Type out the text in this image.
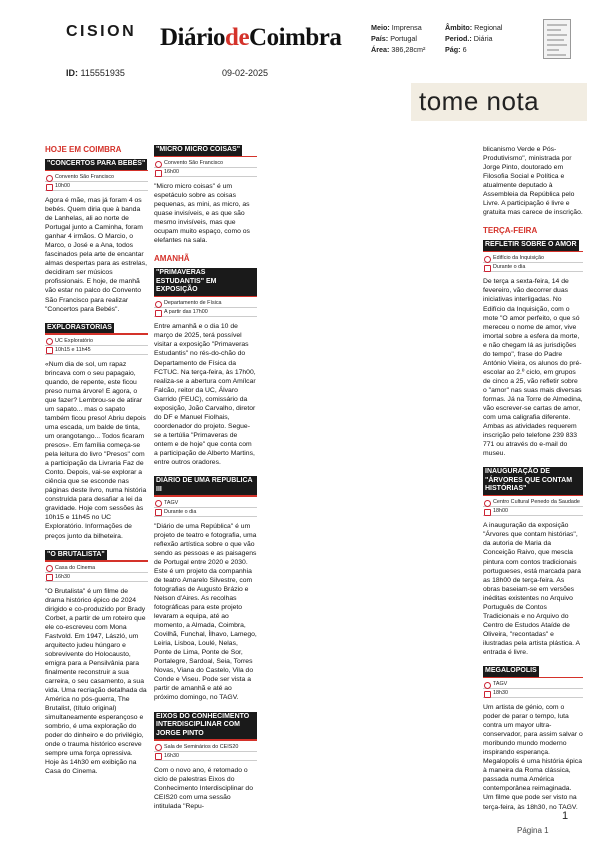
CISION DiáriodeCoimbra	Meio: Imprensa
País: Portugal
Área: 386,28cm²
Âmbito: Regional
Period.: Diária
Pág: 6
ID: 115551935	09-02-2025
tome nota
HOJE EM COIMBRA
"CONCERTOS PARA BEBÉS"
Convento São Francisco
10h00
Agora é mãe, mas já foram 4 os bebés. Quem diria que à banda de Lanhelas, ali ao norte de Portugal junto a Caminha, foram ganhar 4 irmãos. O Marcio, o Marco, o José e a Ana, todos fascinados pela arte de encantar almas despertas para as estrelas, decidiram ser músicos profissionais. E hoje, de manhã vão estar no palco do Convento São Francisco para realizar "Concertos para Bebés".
EXPLORASTÓRIAS
UC Exploratório
10h15 e 11h45
«Num dia de sol, um rapaz brincava com o seu papagaio, quando, de repente, este ficou preso numa árvore! E agora, o que fazer? Lembrou-se de atirar um sapato... mas o sapato também ficou preso! Abriu depois uma escada, um balde de tinta, um orangotango... Todos ficaram presos». Em família começa-se pela leitura do livro "Presos" com a participação da Livraria Faz de Conto. Depois, vai-se explorar a ciência que se esconde nas páginas deste livro, numa história construída para desafiar a lei da gravidade. Hoje com sessões às 10h15 e 11h45 no UC Exploratório. Informações de preços junto da bilheteira.
"O BRUTALISTA"
Casa do Cinema
16h30
"O Brutalista" é um filme de drama histórico épico de 2024 dirigido e co-produzido por Brady Corbet, a partir de um roteiro que ele co-escreveu com Mona Fastvold. Em 1947, László, um arquitecto judeu húngaro e sobrevivente do Holocausto, emigra para a Pensilvânia para finalmente reconstruir a sua carreira, o seu casamento, a sua vida. Uma recriação detalhada da América no pós-guerra, The Brutalist, (título original) simultaneamente esperançoso e sombrio, é uma exploração do poder do dinheiro e do privilégio, onde o trauma histórico escreve sempre uma força opressiva. Hoje às 14h30 em exibição na Casa do Cinema.
"MICRO MICRO COISAS"
Convento São Francisco
16h00
"Micro micro coisas" é um espetáculo sobre as coisas pequenas, as mini, as micro, as quase invisíveis, e as que são mesmo invisíveis, mas que ocupam muito espaço, como os elefantes na sala.
AMANHÃ
"PRIMAVERAS ESTUDANTIS" EM EXPOSIÇÃO
Departamento de Física
A partir das 17h00
Entre amanhã e o dia 10 de março de 2025, terá possível visitar a exposição "Primaveras Estudantis" no rés-do-chão do Departamento de Física da FCTUC. Na terça-feira, às 17h00, realiza-se a abertura com Amílcar Falcão, reitor da UC, Álvaro Garrido (FEUC), comissário da exposição, João Carvalho, diretor do DF e Manuel Fiolhais, coordenador do projeto. Segue-se a tertúlia "Primaveras de ontem e de hoje" que conta com a participação de Alberto Martins, entre outros oradores.
DIÁRIO DE UMA REPÚBLICA III
TAGV
Durante o dia
"Diário de uma República" é um projeto de teatro e fotografia, uma reflexão artística sobre o que vão sendo as pessoas e as paisagens de Portugal entre 2020 e 2030. Este é um projeto da companhia de teatro Amarelo Silvestre, com fotografias de Augusto Brázio e Nelson d'Aires. As recolhas fotográficas para este projeto levaram a equipa, até ao momento, a Almada, Coimbra, Covilhã, Funchal, Ílhavo, Lamego, Leiria, Lisboa, Loulé, Nelas, Ponte de Lima, Ponte de Sor, Portalegre, Sardoal, Seia, Torres Novas, Viana do Castelo, Vila do Conde e Viseu. Pode ser vista a partir de amanhã e até ao próximo domingo, no TAGV.
EIXOS DO CONHECIMENTO INTERDISCIPLINAR COM JORGE PINTO
Sala de Seminários do CEIS20
16h30
Com o novo ano, é retomado o ciclo de palestras Eixos do Conhecimento Interdisciplinar do CEIS20 com uma sessão intitulada "Repu-
blicanismo Verde e Pós-Produtivismo", ministrada por Jorge Pinto, doutorado em Filosofia Social e Política e atualmente deputado à Assembleia da República pelo Livre. A participação é livre e gratuita mas carece de inscrição.
TERÇA-FEIRA
REFLETIR SOBRE O AMOR
Edifício da Inquisição
Durante o dia
De terça a sexta-feira, 14 de fevereiro, vão decorrer duas iniciativas interligadas. No Edifício da Inquisição, com o mote "O amor perfeito, o que só mereceu o nome de amor, vive imortal sobre a esfera da morte, e não chegam lá as jurisdições do tempo", frase do Padre António Vieira, os alunos do pré-escolar ao 2.º ciclo, em grupos de cinco a 25, vão refletir sobre o "amor" nas suas mais diversas formas. Já na Torre de Almedina, vão escrever-se cartas de amor, com uma caligrafia diferente. Ambas as atividades requerem inscrição pelo telefone 239 833 771 ou através do e-mail do museu.
INAUGURAÇÃO DE "ÁRVORES QUE CONTAM HISTÓRIAS"
Centro Cultural Penedo da Saudade
18h00
A inauguração da exposição "Árvores que contam histórias", da autoria de Maria da Conceição Raivo, que mescla pintura com contos tradicionais portugueses, está marcada para as 18h00 de terça-feira. As obras baseiam-se em versões inéditas existentes no Arquivo Português de Contos Tradicionais e no Arquivo do Centro de Estudos Ataíde de Oliveira, "recontadas" e ilustradas pela artista plástica. A entrada é livre.
MEGALOPOLIS
TAGV
18h30
Um artista de génio, com o poder de parar o tempo, luta contra um mayor ultra-conservador, para assim salvar o moribundo mundo moderno inspirando esperança. Megalopolis é uma história épica à maneira da Roma clássica, passada numa América contemporânea reimaginada. Um filme que pode ser visto na terça-feira, às 18h30, no TAGV.
1
Página 1
